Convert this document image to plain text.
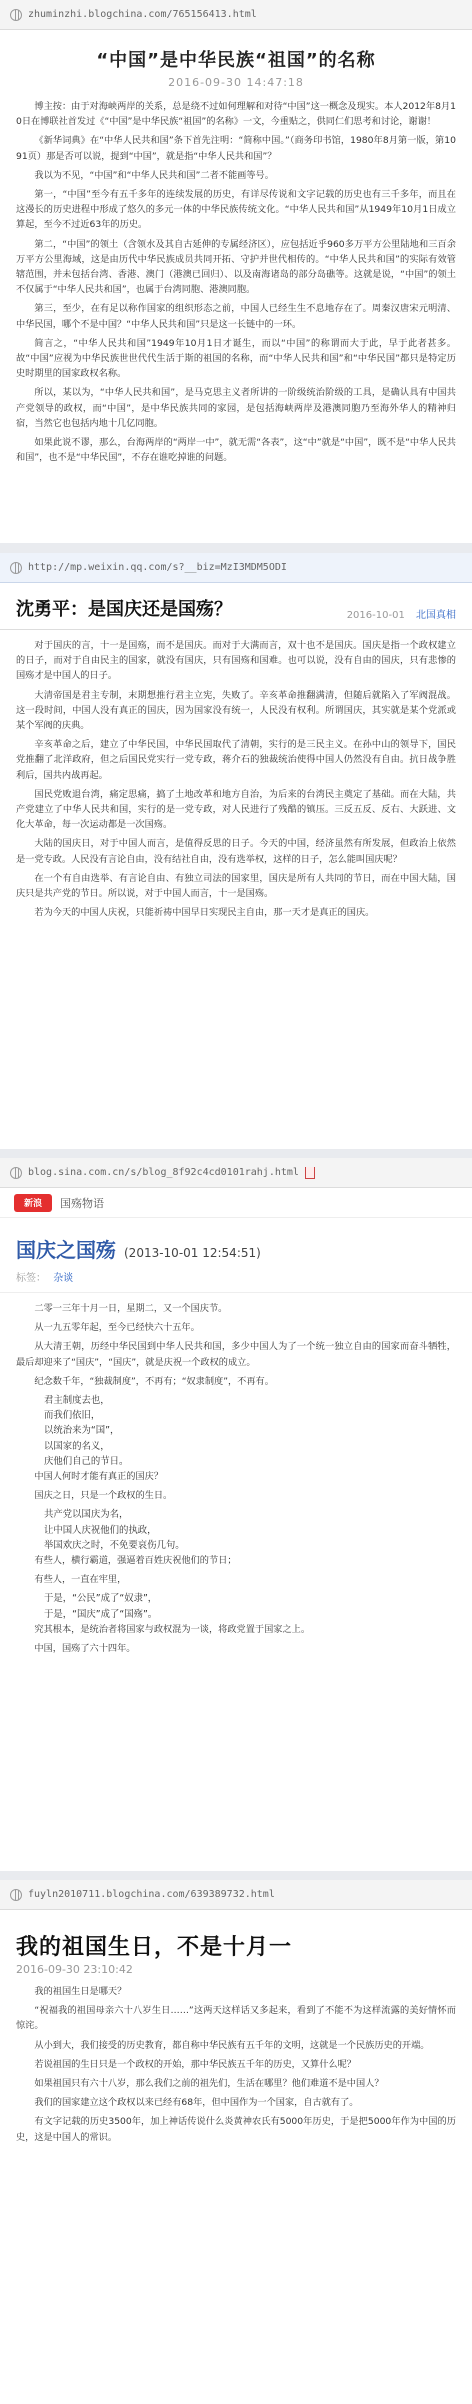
zhuminzhi.blogchina.com/765156413.html
“中国”是中华民族“祖国”的名称
2016-09-30 14:47:18
博主按：由于对海峡两岸的关系，总是绕不过如何理解和对待“中国”这一概念及现实。本人2012年8月10日在博联社首发过《“中国”是中华民族“祖国”的名称》一文，今重贴之，供同仁们思考和讨论，谢谢！
《新华词典》在“中华人民共和国”条下首先注明：“简称中国。”（商务印书馆，1980年8月第一版，第1091页）那是否可以说，提到“中国”，就是指“中华人民共和国”？
我以为不见，“中国”和“中华人民共和国”二者不能画等号。
第一，“中国”至今有五千多年的连续发展的历史，有详尽传说和文字记载的历史也有三千多年，而且在这漫长的历史进程中形成了悠久的多元一体的中华民族传统文化。“中华人民共和国”从1949年10月1日成立算起，至今不过近63年的历史。
第二，“中国”的领土（含领水及其自古延伸的专属经济区），应包括近乎960多万平方公里陆地和三百余万平方公里海域，这是由历代中华民族成员共同开拓、守护并世代相传的。“中华人民共和国”的实际有效管辖范围，并未包括台湾、香港、澳门（港澳已回归）、以及南海诸岛的部分岛礁等。这就是说，“中国”的领土不仅属于“中华人民共和国”，也属于台湾同胞、港澳同胞。
第三，至少，在有足以称作国家的组织形态之前，中国人已经生生不息地存在了。周秦汉唐宋元明清、中华民国，哪个不是中国？“中华人民共和国”只是这一长链中的一环。
简言之，“中华人民共和国”1949年10月1日才诞生，而以“中国”的称谓而大于此，早于此者甚多。故“中国”应视为中华民族世世代代生活于斯的祖国的名称，而“中华人民共和国”和“中华民国”都只是特定历史时期里的国家政权名称。
所以，某以为，“中华人民共和国”，是马克思主义者所讲的一阶级统治阶级的工具，是确认具有中国共产党领导的政权，而“中国”，是中华民族共同的家园，是包括海峡两岸及港澳同胞乃至海外华人的精神归宿，当然它也包括内地十几亿同胞。
如果此说不谬，那么，台海两岸的“两岸一中”，就无需“各表”，这“中”就是“中国”，既不是“中华人民共和国”，也不是“中华民国”，不存在谁吃掉谁的问题。
http://mp.weixin.qq.com/s?__biz=MzI3MDM5ODI
沈勇平：是国庆还是国殇？	2016-10-01 北国真相
对于国庆的言，十一是国殇，而不是国庆。而对于大满而言，双十也不是国庆。国庆是指一个政权建立的日子，而对于自由民主的国家，就没有国庆，只有国殇和国难。也可以说，没有自由的国庆，只有悲惨的国殇才是中国人的日子。
大清帝国是君主专制，末期想推行君主立宪，失败了。辛亥革命推翻满清，但随后就陷入了军阀混战。这一段时间，中国人没有真正的国庆，因为国家没有统一，人民没有权利。所谓国庆，其实就是某个党派或某个军阀的庆典。
辛亥革命之后，建立了中华民国，中华民国取代了清朝，实行的是三民主义。在孙中山的领导下，国民党推翻了北洋政府，但之后国民党实行一党专政，蒋介石的独裁统治使得中国人仍然没有自由。抗日战争胜利后，国共内战再起。
国民党败退台湾，痛定思痛，搞了土地改革和地方自治，为后来的台湾民主奠定了基础。而在大陆，共产党建立了中华人民共和国，实行的是一党专政，对人民进行了残酷的镇压。三反五反、反右、大跃进、文化大革命，每一次运动都是一次国殇。
大陆的国庆日，对于中国人而言，是值得反思的日子。今天的中国，经济虽然有所发展，但政治上依然是一党专政。人民没有言论自由，没有结社自由，没有选举权，这样的日子，怎么能叫国庆呢？
在一个有自由选举、有言论自由、有独立司法的国家里，国庆是所有人共同的节日，而在中国大陆，国庆只是共产党的节日。所以说，对于中国人而言，十一是国殇。
若为今天的中国人庆祝，只能祈祷中国早日实现民主自由，那一天才是真正的国庆。
blog.sina.com.cn/s/blog_8f92c4cd0101rahj.html
新浪	国殇物语
国庆之国殇 (2013-10-01 12:54:51)
标签： 杂谈
二零一三年十月一日，星期二，又一个国庆节。
从一九五零年起，至今已经快六十五年。
从大清王朝，历经中华民国到中华人民共和国，多少中国人为了一个统一独立自由的国家而奋斗牺牲，最后却迎来了“国庆”，“国庆”，就是庆祝一个政权的成立。
纪念数千年，“独裁制度”，不再有；“奴隶制度”，不再有。
君主制度去也，
而我们依旧，
以统治来为“国”，
以国家的名义，
庆他们自己的节日。
中国人何时才能有真正的国庆？
国庆之日，只是一个政权的生日。
共产党以国庆为名，
让中国人庆祝他们的执政，
举国欢庆之时，不免要哀伤几句。
有些人，横行霸道，强逼着百姓庆祝他们的节日；
有些人，一直在牢里，
于是，“公民”成了“奴隶”，
于是，“国庆”成了“国殇”。
究其根本，是统治者将国家与政权混为一谈，将政党置于国家之上。
中国，国殇了六十四年。
fuyln2010711.blogchina.com/639389732.html
我的祖国生日，不是十月一
2016-09-30 23:10:42
我的祖国生日是哪天？
“祝福我的祖国母亲六十八岁生日……”这两天这样话又多起来，看到了不能不为这样流露的美好情怀而惊诧。
从小到大，我们接受的历史教育，都自称中华民族有五千年的文明，这就是一个民族历史的开端。
若说祖国的生日只是一个政权的开始，那中华民族五千年的历史，又算什么呢？
如果祖国只有六十八岁，那么我们之前的祖先们，生活在哪里？他们难道不是中国人？
我们的国家建立这个政权以来已经有68年，但中国作为一个国家，自古就有了。
有文字记载的历史3500年，加上神话传说什么炎黄神农氏有5000年历史，于是把5000年作为中国的历史，这是中国人的常识。
